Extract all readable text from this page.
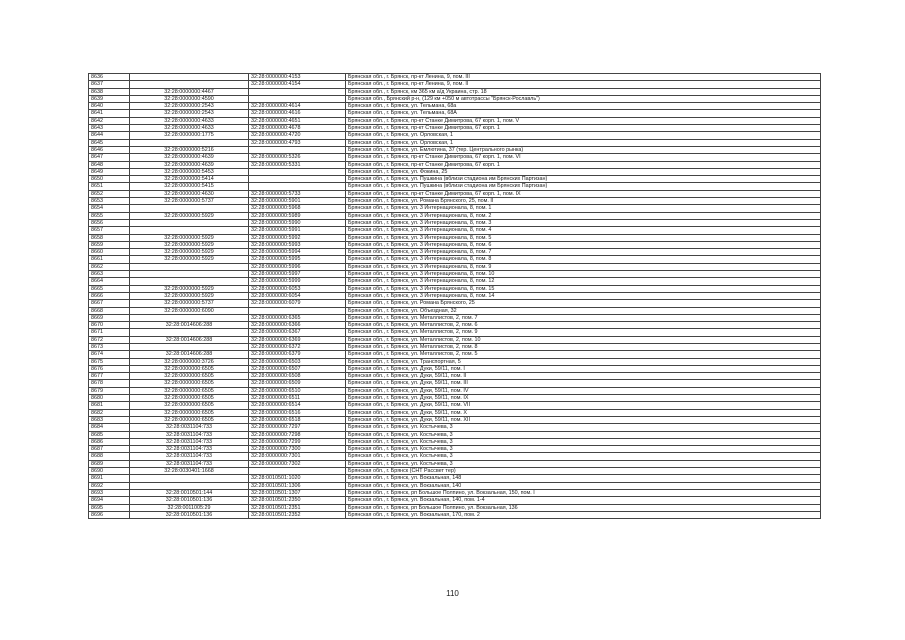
8636		32:28:0000000:4153	Брянская обл., г. Брянск, пр-кт Ленина, 9, пом. III
8637		32:28:0000000:4154	Брянская обл., г. Брянск, пр-кт Ленина, 9, пом. II
8638	32:28:0000000:4467		Брянская обл., г. Брянск, км 365 км а/д Украина, стр. 18
8639	32:28:0000000:4590		Брянская обл., Брянский р-н, (129 км +050 м автотрассы "Брянск-Рославль")
8640	32:28:0000000:2543	32:28:0000000:4614	Брянская обл., г. Брянск, ул. Тельмана, 68а
8641	32:28:0000000:2543	32:28:0000000:4616	Брянская обл., г. Брянск, ул. Тельмана, 68А
8642	32:28:0000000:4633	32:28:0000000:4651	Брянская обл., г. Брянск, пр-кт Станке Димитрова, 67 корп. 1, пом. V
8643	32:28:0000000:4633	32:28:0000000:4678	Брянская обл., г. Брянск, пр-кт Станке Димитрова, 67 корп. 1
8644	32:28:0000000:1775	32:28:0000000:4720	Брянская обл., г. Брянск, ул. Орловская, 1
8645		32:28:0000000:4793	Брянская обл., г. Брянск, ул. Орловская, 1
8646	32:28:0000000:5216		Брянская обл., г. Брянск, ул. Емлютина, 37 (тер. Центрального рынка)
8647	32:28:0000000:4639	32:28:0000000:5326	Брянская обл., г. Брянск, пр-кт Станке Димитрова, 67 корп. 1, пом. VI
8648	32:28:0000000:4639	32:28:0000000:5331	Брянская обл., г. Брянск, пр-кт Станке Димитрова, 67 корп. 1
8649	32:28:0000000:5453		Брянская обл., г. Брянск, ул. Фокина, 25
8650	32:28:0000000:5414		Брянская обл., г. Брянск, ул. Пушкина (вблизи стадиона им Брянских Партизан)
8651	32:28:0000000:5415		Брянская обл., г. Брянск, ул. Пушкина (вблизи стадиона им Брянских Партизан)
8652	32:28:0000000:4630	32:28:0000000:5733	Брянская обл., г. Брянск, пр-кт Станке Димитрова, 67 корп. 1, пом. IX
8653	32:28:0000000:5737	32:28:0000000:5901	Брянская обл., г. Брянск, ул. Романа Брянского, 25, пом. II
8654		32:28:0000000:5968	Брянская обл., г. Брянск, ул. 3 Интернационала, 8, пом. 1
8655	32:28:0000000:5929	32:28:0000000:5989	Брянская обл., г. Брянск, ул. 3 Интернационала, 8, пом. 2
8656		32:28:0000000:5990	Брянская обл., г. Брянск, ул. 3 Интернационала, 8, пом. 3
8657		32:28:0000000:5991	Брянская обл., г. Брянск, ул. 3 Интернационала, 8, пом. 4
8658	32:28:0000000:5929	32:28:0000000:5992	Брянская обл., г. Брянск, ул. 3 Интернационала, 8, пом. 5
8659	32:28:0000000:5929	32:28:0000000:5993	Брянская обл., г. Брянск, ул. 3 Интернационала, 8, пом. 6
8660	32:28:0000000:5929	32:28:0000000:5994	Брянская обл., г. Брянск, ул. 3 Интернационала, 8, пом. 7
8661	32:28:0000000:5929	32:28:0000000:5995	Брянская обл., г. Брянск, ул. 3 Интернационала, 8, пом. 8
8662		32:28:0000000:5996	Брянская обл., г. Брянск, ул. 3 Интернационала, 8, пом. 9
8663		32:28:0000000:5997	Брянская обл., г. Брянск, ул. 3 Интернационала, 8, пом. 10
8664		32:28:0000000:5999	Брянская обл., г. Брянск, ул. 3 Интернационала, 8, пом. 12
8665	32:28:0000000:5929	32:28:0000000:6053	Брянская обл., г. Брянск, ул. 3 Интернационала, 8, пом. 15
8666	32:28:0000000:5929	32:28:0000000:6054	Брянская обл., г. Брянск, ул. 3 Интернационала, 8, пом. 14
8667	32:28:0000000:5737	32:28:0000000:6079	Брянская обл., г. Брянск, ул. Романа Брянского, 25
8668	32:28:0000000:6090		Брянская обл., г. Брянск, ул. Объездная, 32
8669		32:28:0000000:6365	Брянская обл., г. Брянск, ул. Металлистов, 2, пом. 7
8670	32:28:0014606:288	32:28:0000000:6366	Брянская обл., г. Брянск, ул. Металлистов, 2, пом. 6
8671		32:28:0000000:6367	Брянская обл., г. Брянск, ул. Металлистов, 2, пом. 9
8672	32:28:0014606:288	32:28:0000000:6369	Брянская обл., г. Брянск, ул. Металлистов, 2, пом. 10
8673		32:28:0000000:6372	Брянская обл., г. Брянск, ул. Металлистов, 2, пом. 8
8674	32:28:0014606:288	32:28:0000000:6379	Брянская обл., г. Брянск, ул. Металлистов, 2, пом. 5
8675	32:28:0000000:3726	32:28:0000000:6503	Брянская обл., г. Брянск, ул. Транспортная, 5
8676	32:28:0000000:6505	32:28:0000000:6507	Брянская обл., г. Брянск, ул. Дуки, 59/11, пом. I
8677	32:28:0000000:6505	32:28:0000000:6508	Брянская обл., г. Брянск, ул. Дуки, 59/11, пом. II
8678	32:28:0000000:6505	32:28:0000000:6509	Брянская обл., г. Брянск, ул. Дуки, 59/11, пом. III
8679	32:28:0000000:6505	32:28:0000000:6510	Брянская обл., г. Брянск, ул. Дуки, 59/11, пом. IV
8680	32:28:0000000:6505	32:28:0000000:6511	Брянская обл., г. Брянск, ул. Дуки, 59/11, пом. IX
8681	32:28:0000000:6505	32:28:0000000:6514	Брянская обл., г. Брянск, ул. Дуки, 59/11, пом. VII
8682	32:28:0000000:6505	32:28:0000000:6516	Брянская обл., г. Брянск, ул. Дуки, 59/11, пом. X
8683	32:28:0000000:6505	32:28:0000000:6518	Брянская обл., г. Брянск, ул. Дуки, 59/11, пом. XII
8684	32:28:0031104:733	32:28:0000000:7297	Брянская обл., г. Брянск, ул. Костычева, 3
8685	32:28:0031104:733	32:28:0000000:7298	Брянская обл., г. Брянск, ул. Костычева, 3
8686	32:28:0031104:733	32:28:0000000:7299	Брянская обл., г. Брянск, ул. Костычева, 3
8687	32:28:0031104:733	32:28:0000000:7300	Брянская обл., г. Брянск, ул. Костычева, 3
8688	32:28:0031104:733	32:28:0000000:7301	Брянская обл., г. Брянск, ул. Костычева, 3
8689	32:28:0031104:733	32:28:0000000:7302	Брянская обл., г. Брянск, ул. Костычева, 3
8690	32:28:0030401:1668		Брянская обл., г. Брянск (СНТ Рассвет тер)
8691		32:28:0010501:1020	Брянская обл., г. Брянск, ул. Вокзальная, 148
8692		32:28:0010501:1306	Брянская обл., г. Брянск, ул. Вокзальная, 140
8693	32:28:0010501:144	32:28:0010501:1307	Брянская обл., г. Брянск, рп Большое Полпино, ул. Вокзальная, 150, пом. I
8694	32:28:0010501:136	32:28:0010501:2350	Брянская обл., г. Брянск, ул. Вокзальная, 140, пом. 1-4
8695	32:28:0011005:29	32:28:0010501:2351	Брянская обл., г. Брянск, рп Большое Полпино, ул. Вокзальная, 136
8696	32:28:0010501:136	32:28:0010501:2352	Брянская обл., г. Брянск, ул. Вокзальная, 170, пом. 2
110
